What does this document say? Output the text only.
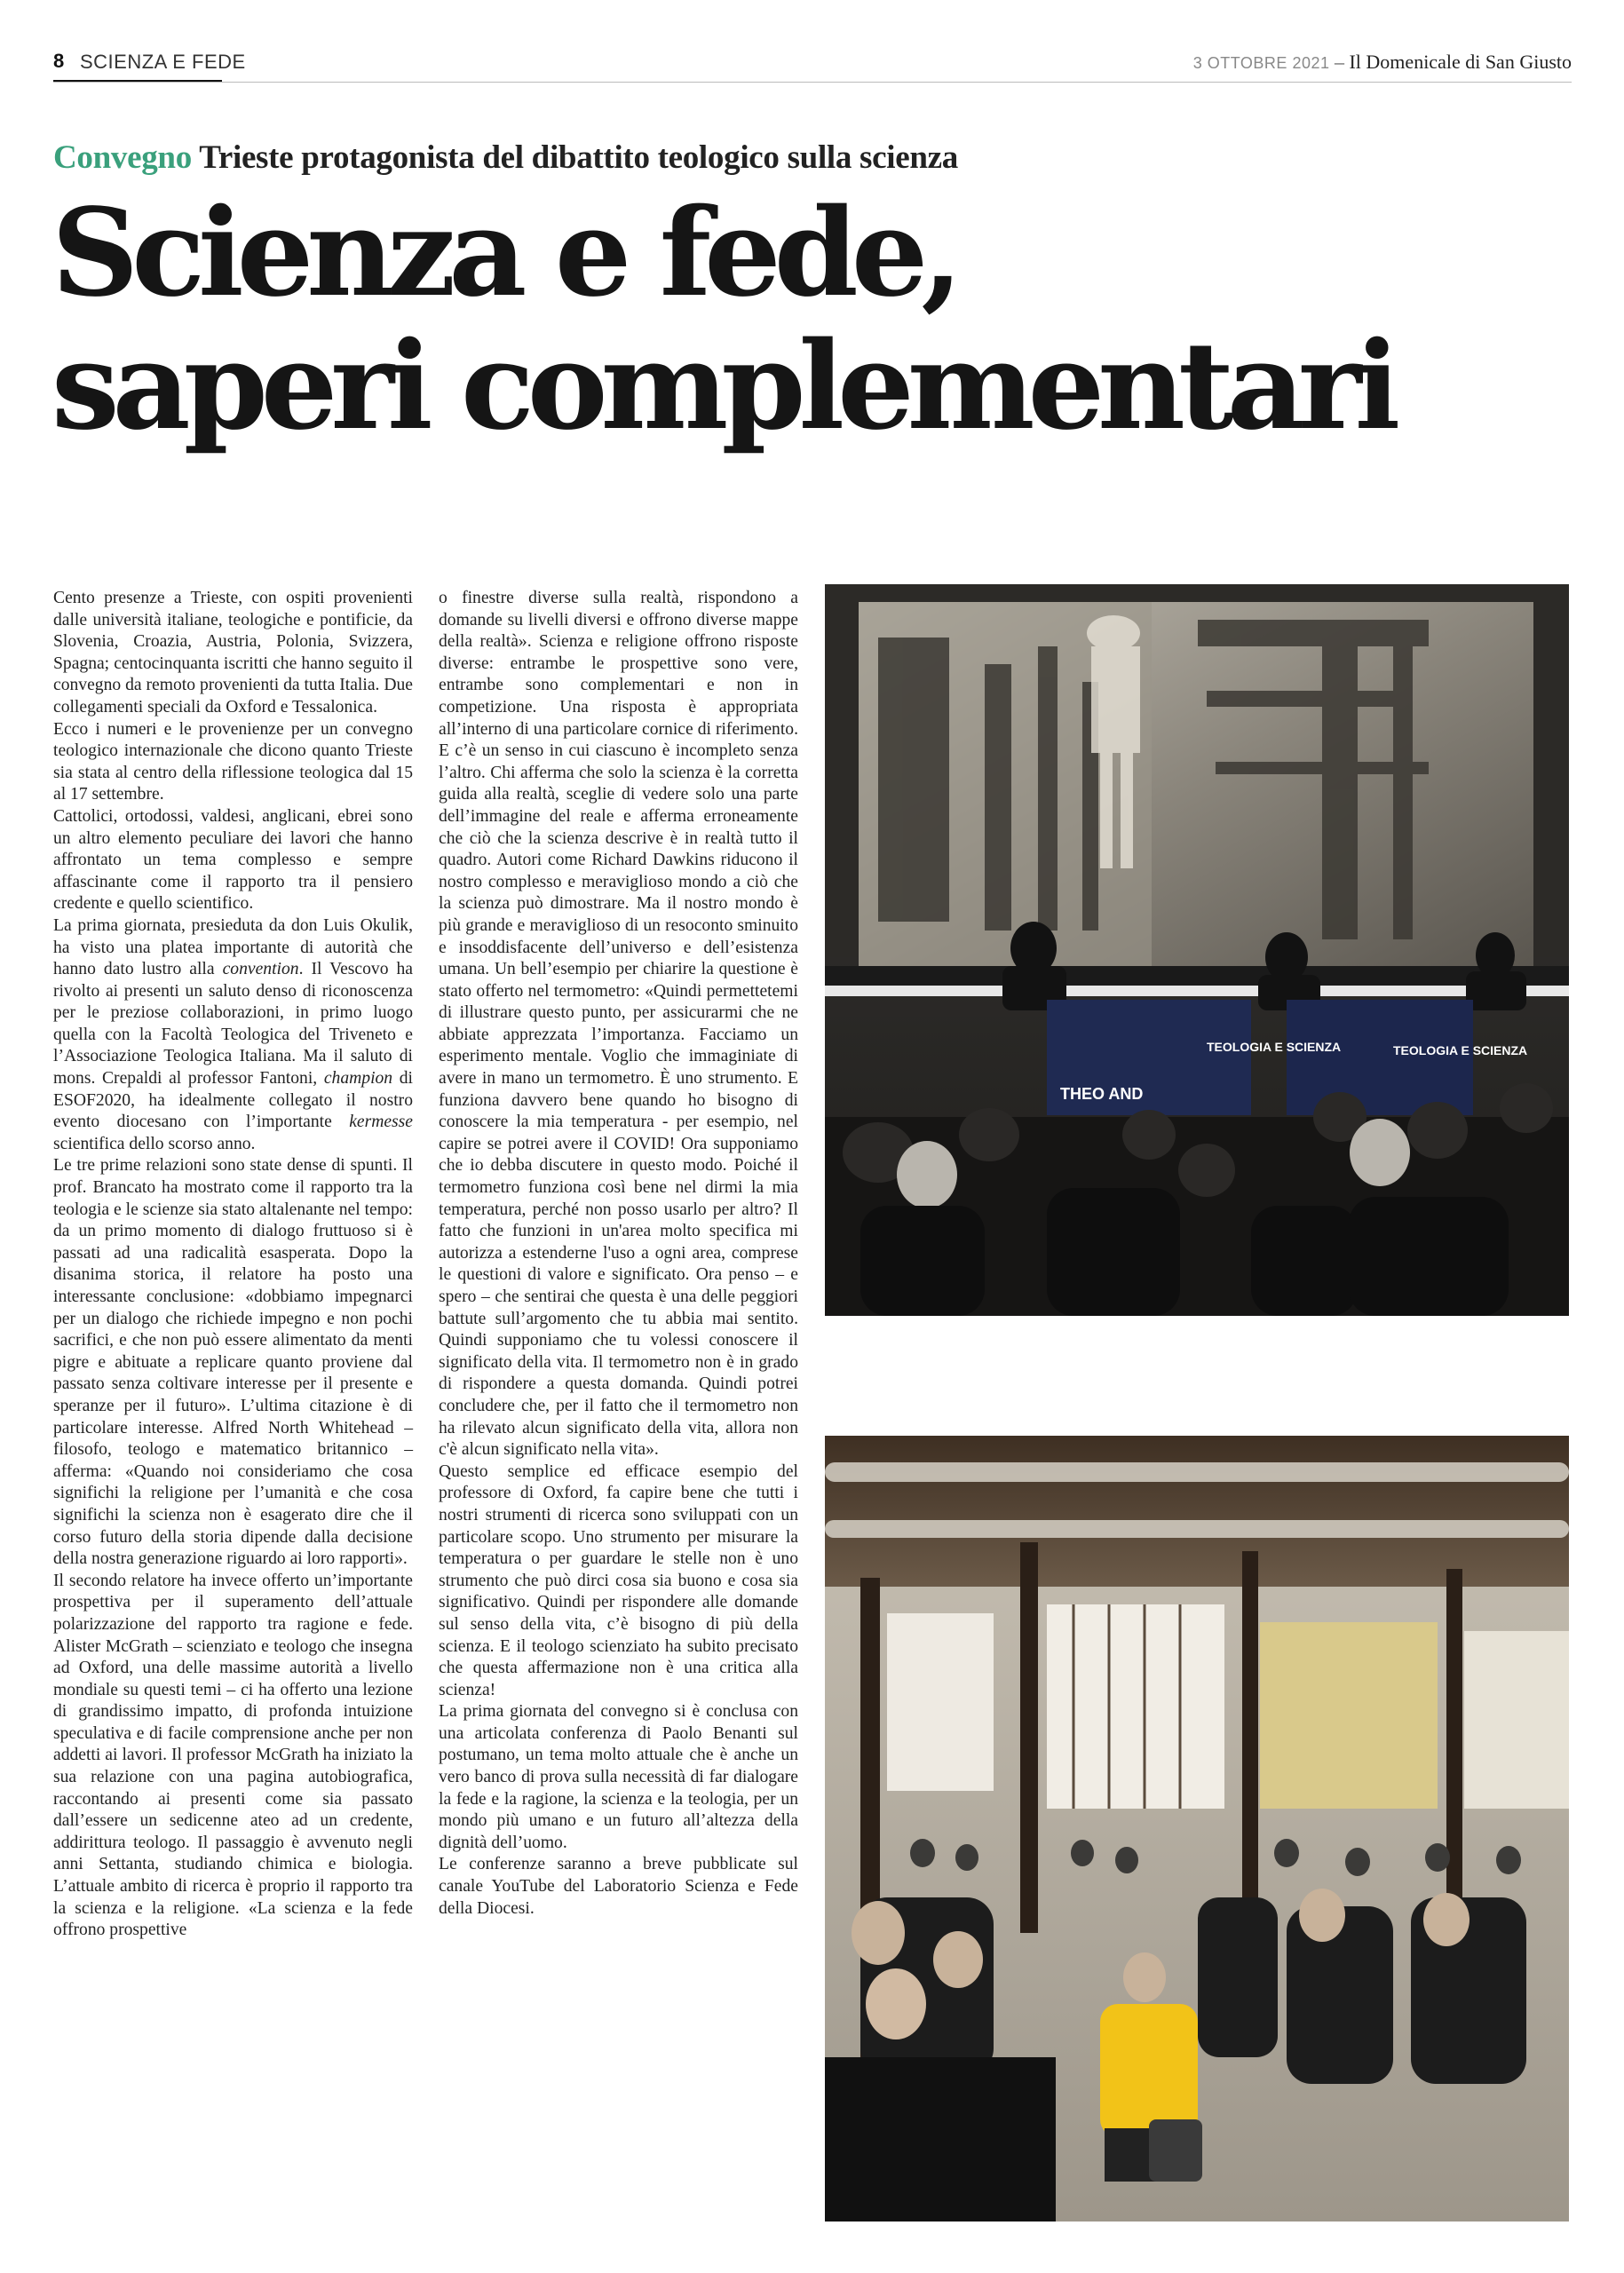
8 SCIENZA E FEDE	3 OTTOBRE 2021 – Il Domenicale di San Giusto
Convegno Trieste protagonista del dibattito teologico sulla scienza
Scienza e fede,
saperi complementari

Cento presenze a Trieste, con ospiti provenienti dalle università italiane, teologiche e pontificie, da Slovenia, Croazia, Austria, Polonia, Svizzera, Spagna; centocinquanta iscritti che hanno seguito il convegno da remoto provenienti da tutta Italia. Due collegamenti speciali da Oxford e Tessalonica.

Ecco i numeri e le provenienze per un convegno teologico internazionale che dicono quanto Trieste sia stata al centro della riflessione teologica dal 15 al 17 settembre.

Cattolici, ortodossi, valdesi, anglicani, ebrei sono un altro elemento peculiare dei lavori che hanno affrontato un tema complesso e sempre affascinante come il rapporto tra il pensiero credente e quello scientifico.

La prima giornata, presieduta da don Luis Okulik, ha visto una platea importante di autorità che hanno dato lustro alla convention. Il Vescovo ha rivolto ai presenti un saluto denso di riconoscenza per le preziose collaborazioni, in primo luogo quella con la Facoltà Teologica del Triveneto e l’Associazione Teologica Italiana. Ma il saluto di mons. Crepaldi al professor Fantoni, champion di ESOF2020, ha idealmente collegato il nostro evento diocesano con l’importante kermesse scientifica dello scorso anno.

Le tre prime relazioni sono state dense di spunti. Il prof. Brancato ha mostrato come il rapporto tra la teologia e le scienze sia stato altalenante nel tempo: da un primo momento di dialogo fruttuoso si è passati ad una radicalità esasperata. Dopo la disanima storica, il relatore ha posto una interessante conclusione: «dobbiamo impegnarci per un dialogo che richiede impegno e non pochi sacrifici, e che non può essere alimentato da menti pigre e abituate a replicare quanto proviene dal passato senza coltivare interesse per il presente e speranze per il futuro». L’ultima citazione è di particolare interesse. Alfred North Whitehead – filosofo, teologo e matematico britannico – afferma: «Quando noi consideriamo che cosa significhi la religione per l’umanità e che cosa significhi la scienza non è esagerato dire che il corso futuro della storia dipende dalla decisione della nostra generazione riguardo ai loro rapporti».

Il secondo relatore ha invece offerto un’importante prospettiva per il superamento dell’attuale polarizzazione del rapporto tra ragione e fede. Alister McGrath – scienziato e teologo che insegna ad Oxford, una delle massime autorità a livello mondiale su questi temi – ci ha offerto una lezione di grandissimo impatto, di profonda intuizione speculativa e di facile comprensione anche per non addetti ai lavori. Il professor McGrath ha iniziato la sua relazione con una pagina autobiografica, raccontando ai presenti come sia passato dall’essere un sedicenne ateo ad un credente, addirittura teologo. Il passaggio è avvenuto negli anni Settanta, studiando chimica e biologia. L’attuale ambito di ricerca è proprio il rapporto tra la scienza e la religione. «La scienza e la fede offrono prospettive

o finestre diverse sulla realtà, rispondono a domande su livelli diversi e offrono diverse mappe della realtà». Scienza e religione offrono risposte diverse: entrambe le prospettive sono vere, entrambe sono complementari e non in competizione. Una risposta è appropriata all’interno di una particolare cornice di riferimento. E c’è un senso in cui ciascuno è incompleto senza l’altro. Chi afferma che solo la scienza è la corretta guida alla realtà, sceglie di vedere solo una parte dell’immagine del reale e afferma erroneamente che ciò che la scienza descrive è in realtà tutto il quadro. Autori come Richard Dawkins riducono il nostro complesso e meraviglioso mondo a ciò che la scienza può dimostrare. Ma il nostro mondo è più grande e meraviglioso di un resoconto sminuito e insoddisfacente dell’universo e dell’esistenza umana. Un bell’esempio per chiarire la questione è stato offerto nel termometro: «Quindi permettetemi di illustrare questo punto, per assicurarmi che ne abbiate apprezzata l’importanza. Facciamo un esperimento mentale. Voglio che immaginiate di avere in mano un termometro. È uno strumento. E funziona davvero bene quando ho bisogno di conoscere la mia temperatura - per esempio, nel capire se potrei avere il COVID! Ora supponiamo che io debba discutere in questo modo. Poiché il termometro funziona così bene nel dirmi la mia temperatura, perché non posso usarlo per altro? Il fatto che funzioni in un'area molto specifica mi autorizza a estenderne l'uso a ogni area, comprese le questioni di valore e significato. Ora penso – e spero – che sentirai che questa è una delle peggiori battute sull’argomento che tu abbia mai sentito. Quindi supponiamo che tu volessi conoscere il significato della vita. Il termometro non è in grado di rispondere a questa domanda. Quindi potrei concludere che, per il fatto che il termometro non ha rilevato alcun significato della vita, allora non c'è alcun significato nella vita».

Questo semplice ed efficace esempio del professore di Oxford, fa capire bene che tutti i nostri strumenti di ricerca sono sviluppati con un particolare scopo. Uno strumento per misurare la temperatura o per guardare le stelle non è uno strumento che può dirci cosa sia buono e cosa sia significativo. Quindi per rispondere alle domande sul senso della vita, c’è bisogno di più della scienza. E il teologo scienziato ha subito precisato che questa affermazione non è una critica alla scienza!

La prima giornata del convegno si è conclusa con una articolata conferenza di Paolo Benanti sul postumano, un tema molto attuale che è anche un vero banco di prova sulla necessità di far dialogare la fede e la ragione, la scienza e la teologia, per un mondo più umano e un futuro all’altezza della dignità dell’uomo.

Le conferenze saranno a breve pubblicate sul canale YouTube del Laboratorio Scienza e Fede della Diocesi.

TEOLOGIA E SCIENZA
THEO AND
TEOLOGIA E SCIENZA
